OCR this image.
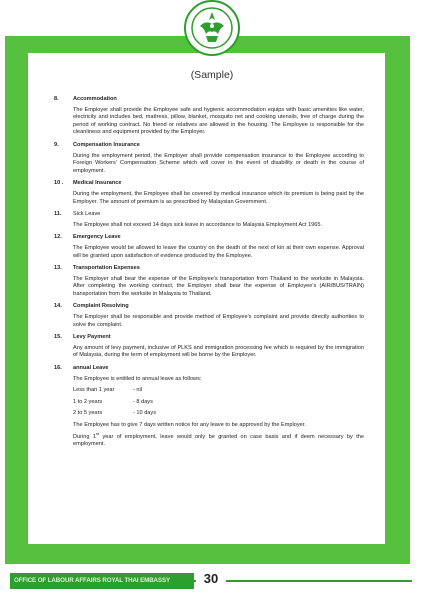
(Sample)
8.	Accommodation

The Employer shall provide the Employee safe and hygienic accommodation equips with basic amenities like water, electricity and includes bed, mattress, pillow, blanket, mosquito net and cooking utensils, free of charge during the period of working contract. No friend or relatives are allowed in the housing. The Employee is responsible for the cleanliness and equipment provided by the Employer.

9.	Compensation Insurance

During the employment period, the Employer shall provide compensation insurance to the Employee according to Foreign Workers' Compensation Scheme which will cover in the event of disability or death in the course of employment.

10 .	Medical Insurance

During the employment, the Employee shall be covered by medical insurance which its premium is being paid by the Employer. The amount of premium is as prescribed by Malaysian Government.

11.	Sick Leave

The Employee shall not exceed 14 days sick leave in accordance to Malaysia Employment Act 1965.

12.	Emergency Leave

The Employee would be allowed to leave the country on the death of the next of kin at their own expense. Approval will be granted upon satisfaction of evidence produced by the Employee.

13.	Transportation Expenses

The Employer shall bear the expense of the Employee's transportation from Thailand to the worksite in Malaysia. After completing the working contract, the Employer shall bear the expense of Employee's (AIR/BUS/TRAIN) transportation from the worksite in Malaysia to Thailand.

14.	Complaint Resolving

The Employer shall be responsible and provide method of Employee's complaint and provide directly authorities to solve the complaint.

15.	Levy Payment

Any amount of levy payment, inclusive of PLKS and immigration processing fee which is required by the immigration of Malaysia, during the term of employment will be borne by the Employer.

16.	annual Leave

The Employee is entitled to annual leave as follows:

Less than 1 year	- nil
1 to 2 years	- 8 days
2 to 5 years	- 10 days

The Employee has to give 7 days written notice for any leave to be approved by the Employer.

During 1st year of employment, leave would only be granted on case basis and if deem necessary by the employment.

OFFICE OF LABOUR AFFAIRS ROYAL THAI EMBASSY	30
